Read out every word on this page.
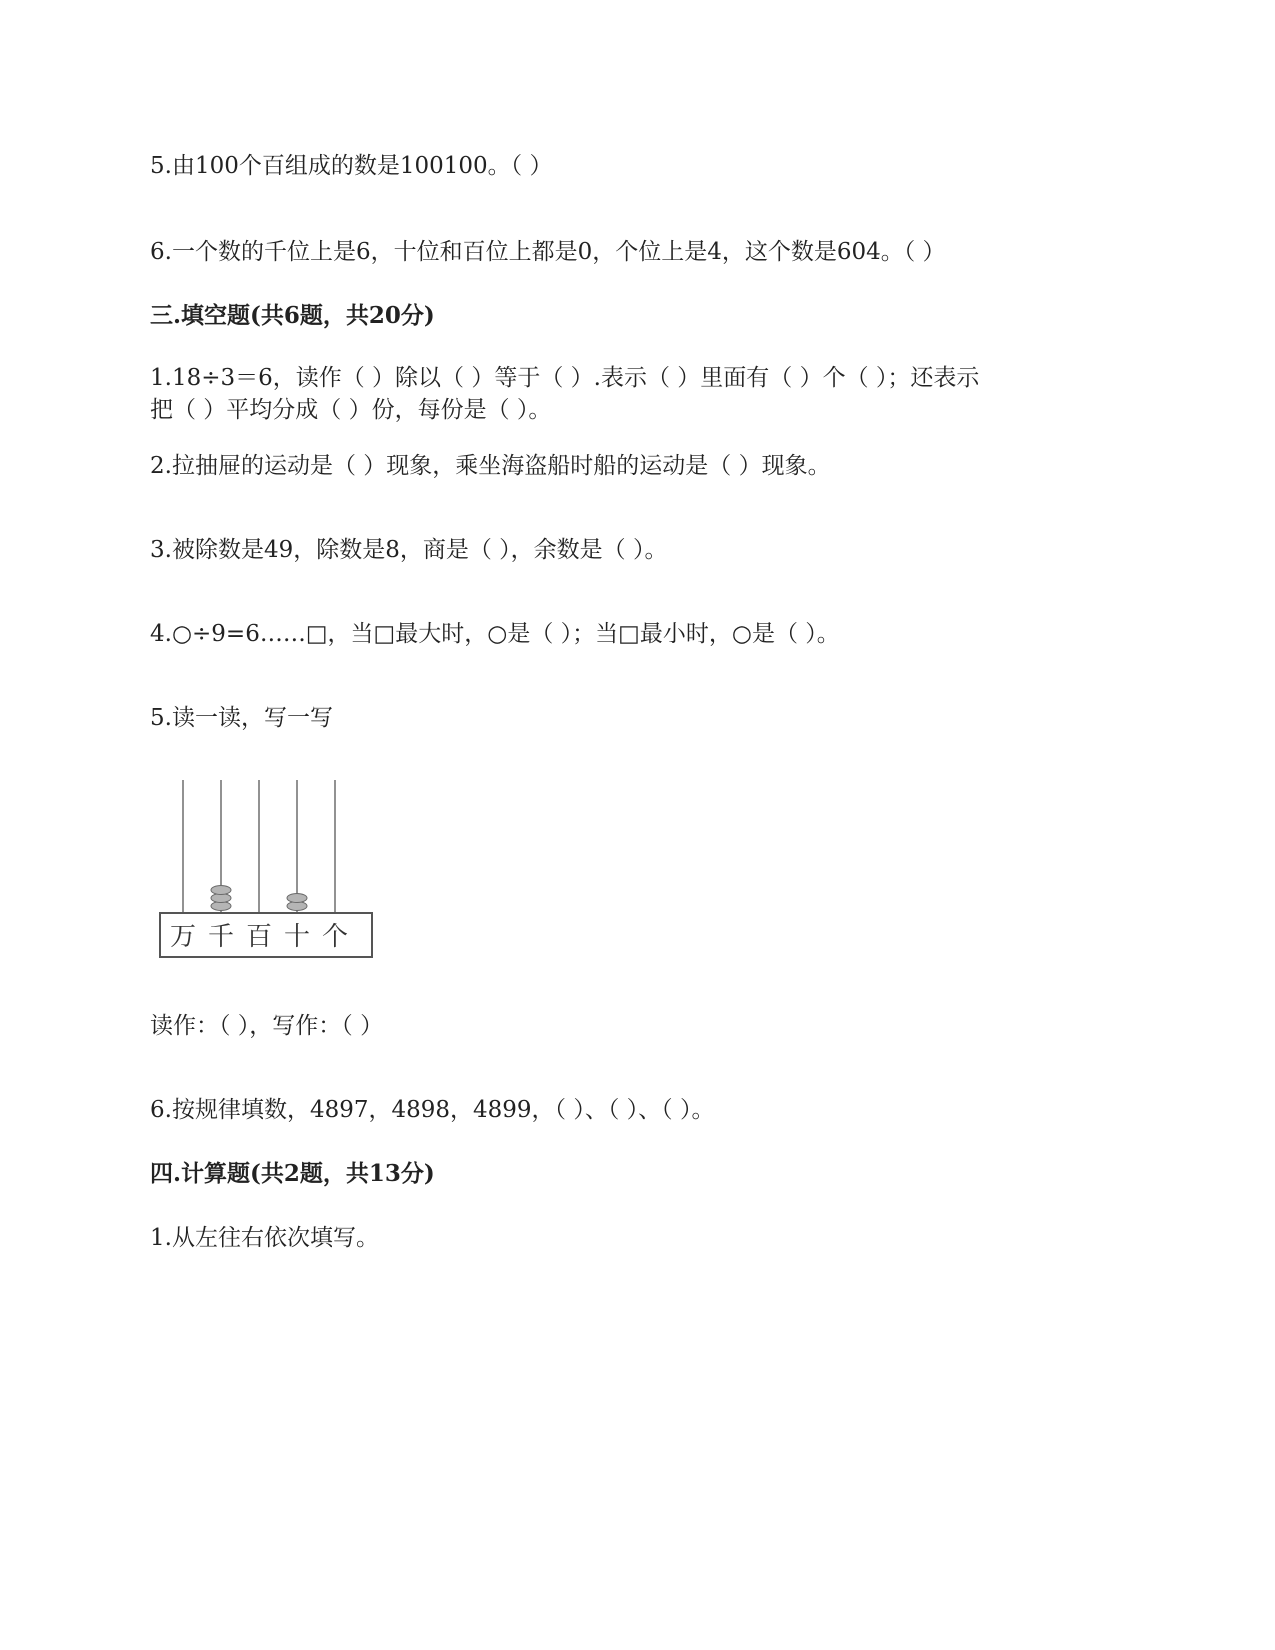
5.由100个百组成的数是100100。（ ）
6.一个数的千位上是6，十位和百位上都是0，个位上是4，这个数是604。（ ）
三.填空题(共6题，共20分)
1.18÷3＝6，读作（ ）除以（ ）等于（ ）.表示（ ）里面有（ ）个（ ）；还表示
把（ ）平均分成（ ）份，每份是（ ）。
2.拉抽屉的运动是（ ）现象，乘坐海盗船时船的运动是（ ）现象。
3.被除数是49，除数是8，商是（ ），余数是（ ）。
4.○÷9=6……□，当□最大时，○是（ ）；当□最小时，○是（ ）。
5.读一读，写一写
万 千 百 十 个
读作：（ ），写作：（ ）
6.按规律填数，4897，4898，4899，（ ）、（ ）、（ ）。
四.计算题(共2题，共13分)
1.从左往右依次填写。
